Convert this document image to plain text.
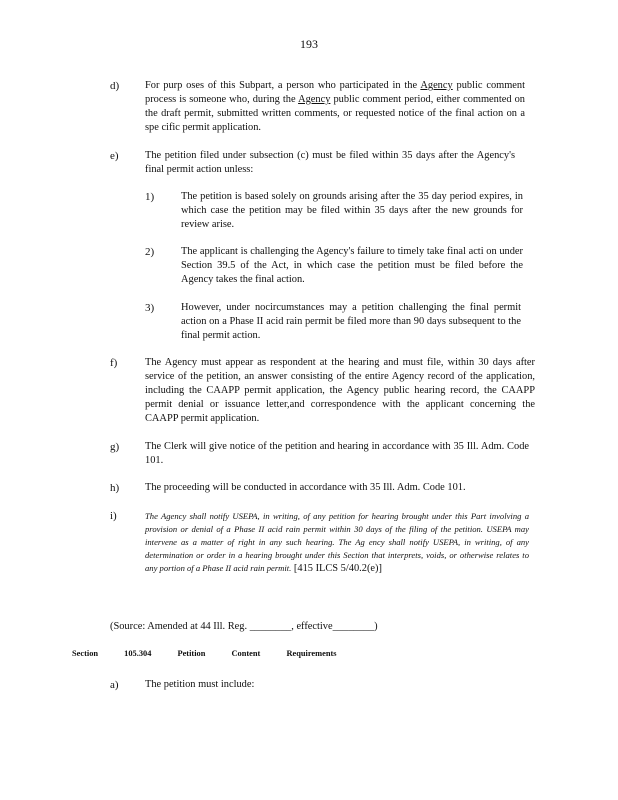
193
d) For purp oses of this Subpart, a person who participated in the Agency public comment process is someone who, during the Agency public comment period, either commented on the draft permit, submitted written comments, or requested notice of the final action on a spe cific permit application.
e)	The petition filed under subsection (c) must be filed within 35 days after the Agency's final permit action unless:
1)	The petition is based solely on grounds arising after the 35 day period expires, in which case the petition may be filed within 35 days after the new grounds for review arise.
2)	The applicant is challenging the Agency's failure to timely take final acti on under Section 39.5 of the Act, in which case the petition must be filed before the Agency takes the final action.
3)	However, under nocircumstances may a petition challenging the final permit action on a Phase II acid rain permit be filed more than 90 days subsequent to the final permit action.
f)	The Agency must appear as respondent at the hearing and must file, within 30 days after service of the petition, an answer consisting of the entire Agency record of the application, including the CAAPP permit application, the Agency public hearing record, the CAAPP permit denial or issuance letter,and correspondence with the applicant concerning the CAAPP permit application.
g) The Clerk will give notice of the petition and hearing in accordance with 35 Ill. Adm. Code 101.
h) The proceeding will be conducted in accordance with 35 Ill. Adm. Code 101.
i)	The Agency shall notify USEPA, in writing, of any petition for hearing brought under this Part involving a provision or denial of a Phase II acid rain permit within 30 days of the filing of the petition. USEPA may intervene as a matter of right in any such hearing. The Ag ency shall notify USEPA, in writing, of any determination or order in a hearing brought under this Section that interprets, voids, or otherwise relates to any portion of a Phase II acid rain permit. [415 ILCS 5/40.2(e)]
(Source: Amended at 44 Ill. Reg. ________, effective________)
Section	105.304	Petition	Content	Requirements
a)	The petition must include:
